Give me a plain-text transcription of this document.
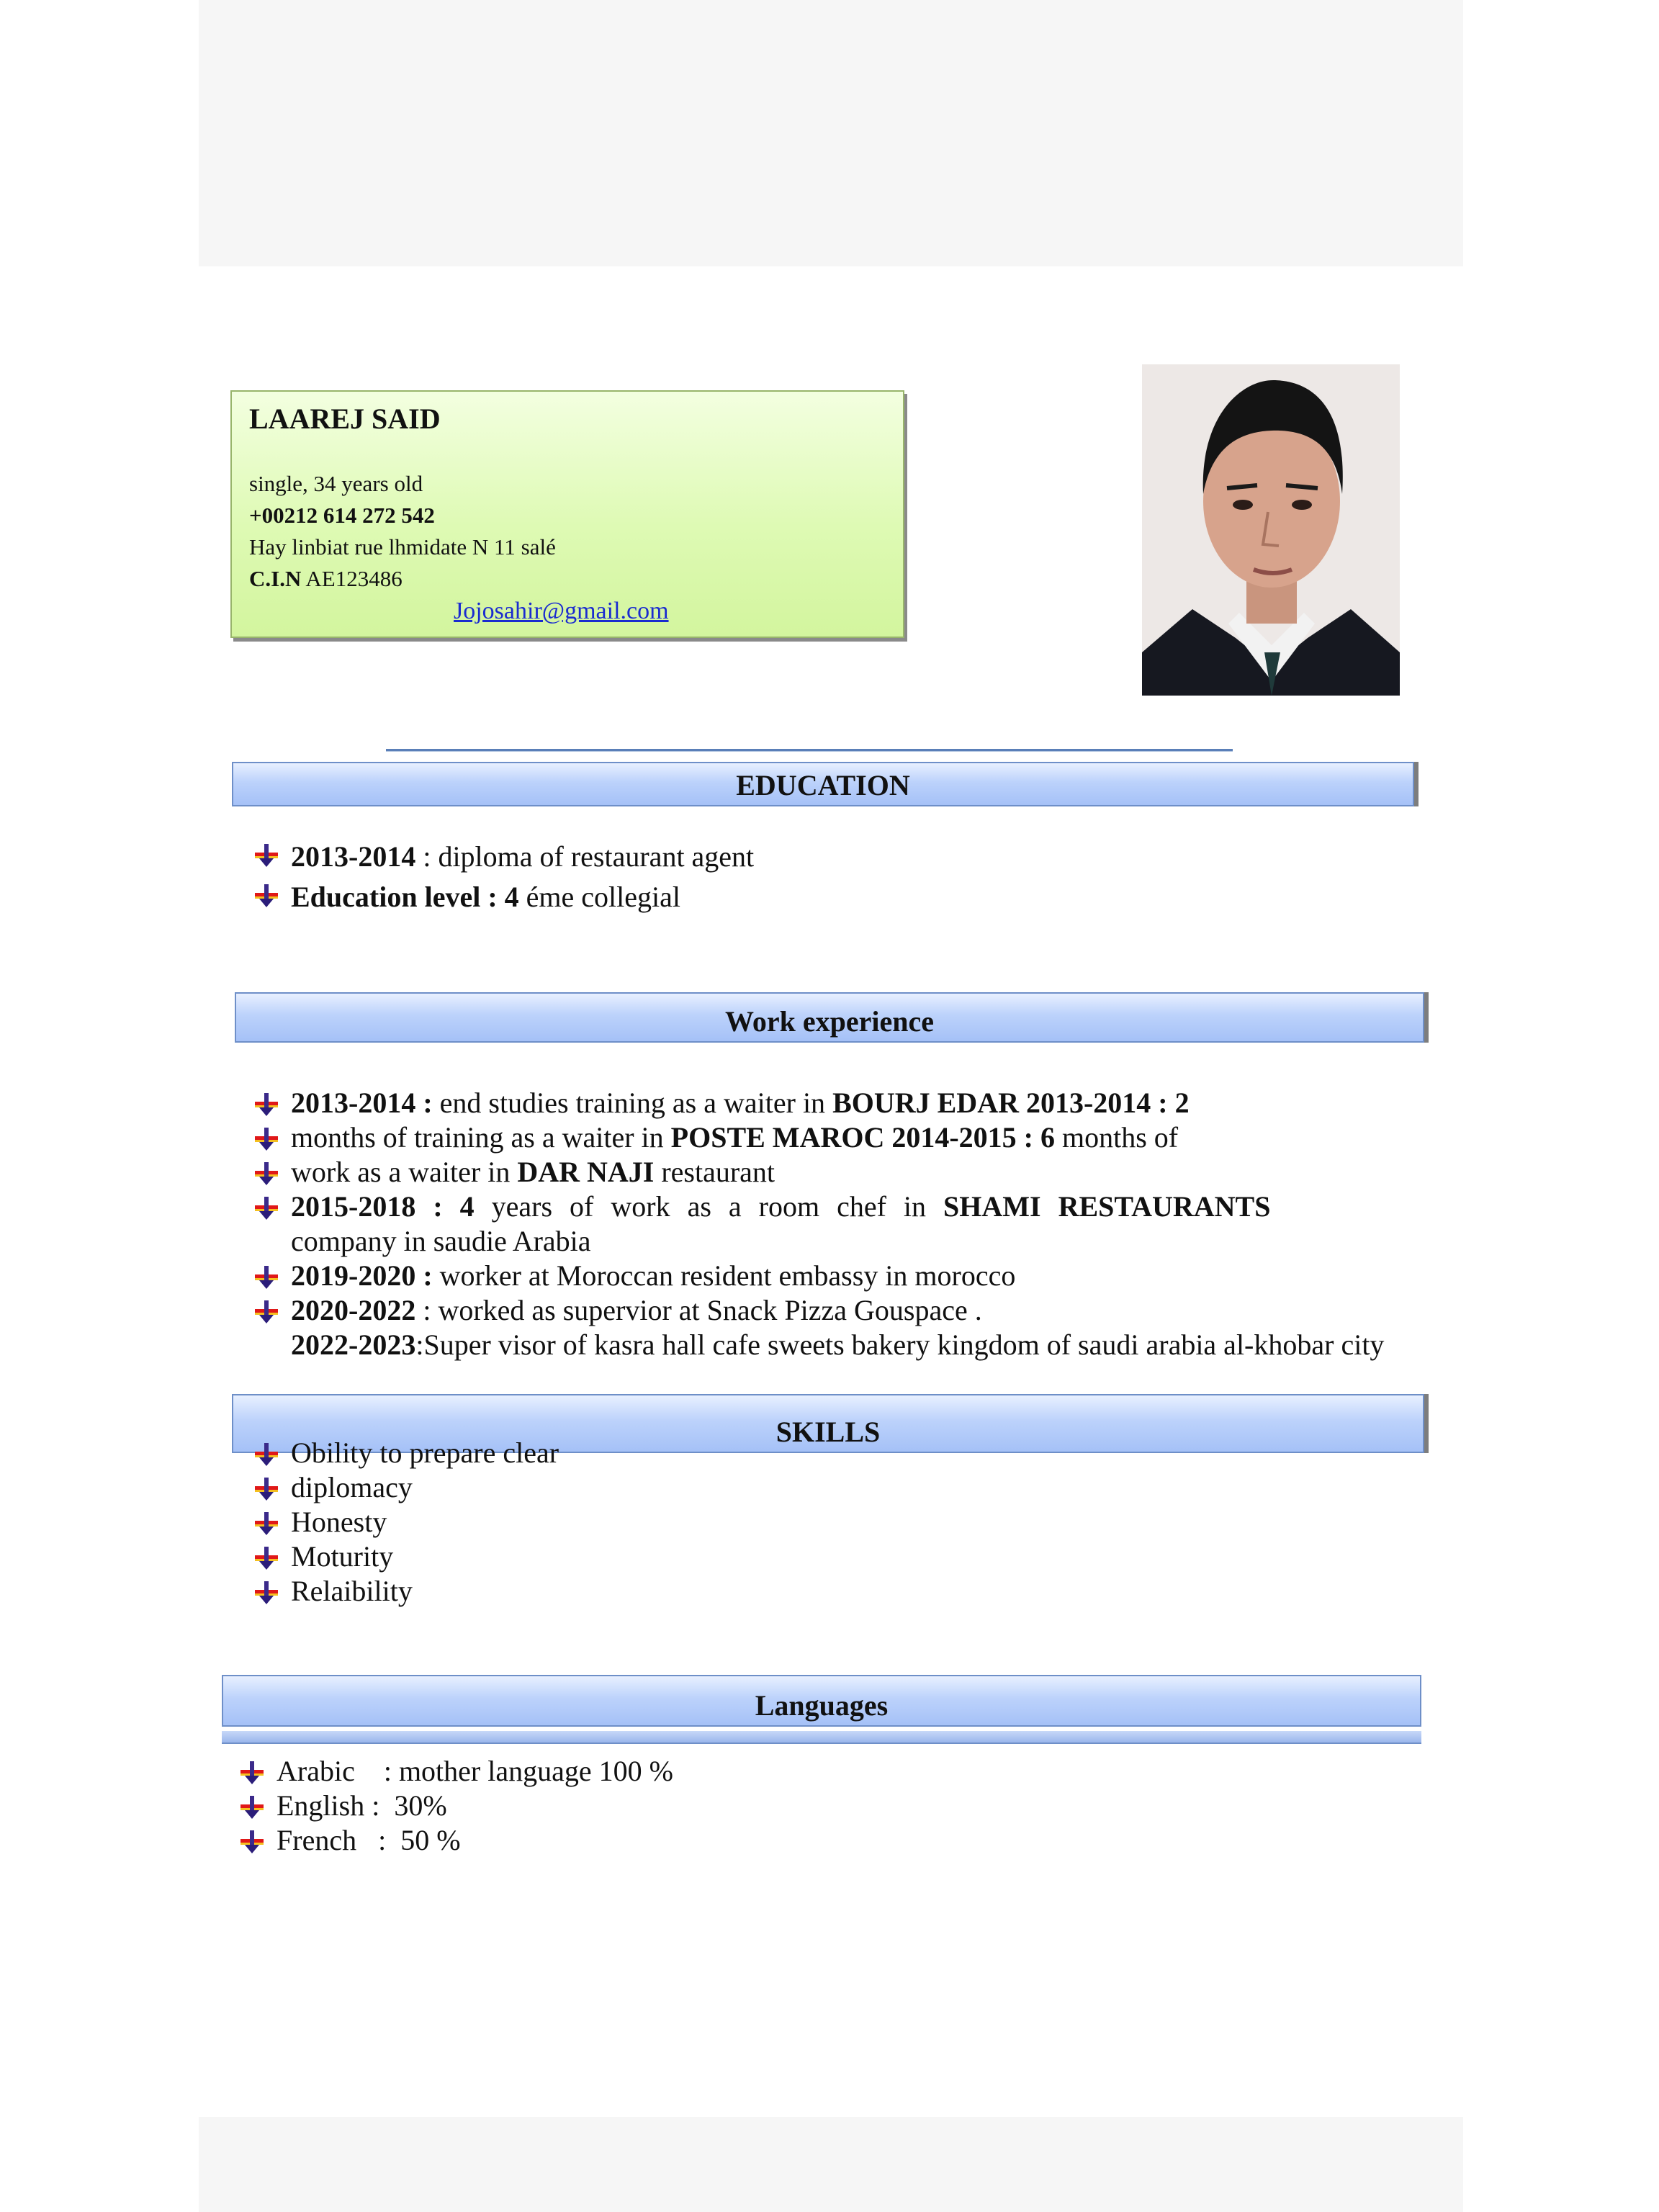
LAAREJ SAID
single, 34 years old
+00212 614 272 542
Hay linbiat rue lhmidate N 11 salé
C.I.N AE123486
Jojosahir@gmail.com
EDUCATION
2013-2014 : diploma of restaurant agent
Education level : 4 éme collegial
Work experience
2013-2014 : end studies training as a waiter in BOURJ EDAR 2013-2014 : 2
months of training as a waiter in POSTE MAROC 2014-2015 : 6 months of
work as a waiter in DAR NAJI restaurant
2015-2018 : 4 years of work as a room chef in SHAMI RESTAURANTS
company in saudie Arabia
2019-2020 : worker at Moroccan resident embassy in morocco
2020-2022 : worked as supervior at Snack Pizza Gouspace .
2022-2023:Super visor of kasra hall cafe sweets bakery kingdom of saudi arabia al-khobar city
SKILLS
Obility to prepare clear
diplomacy
Honesty
Moturity
Relaibility
Languages
Arabic    : mother language 100 %
English :  30%
French   :  50 %
